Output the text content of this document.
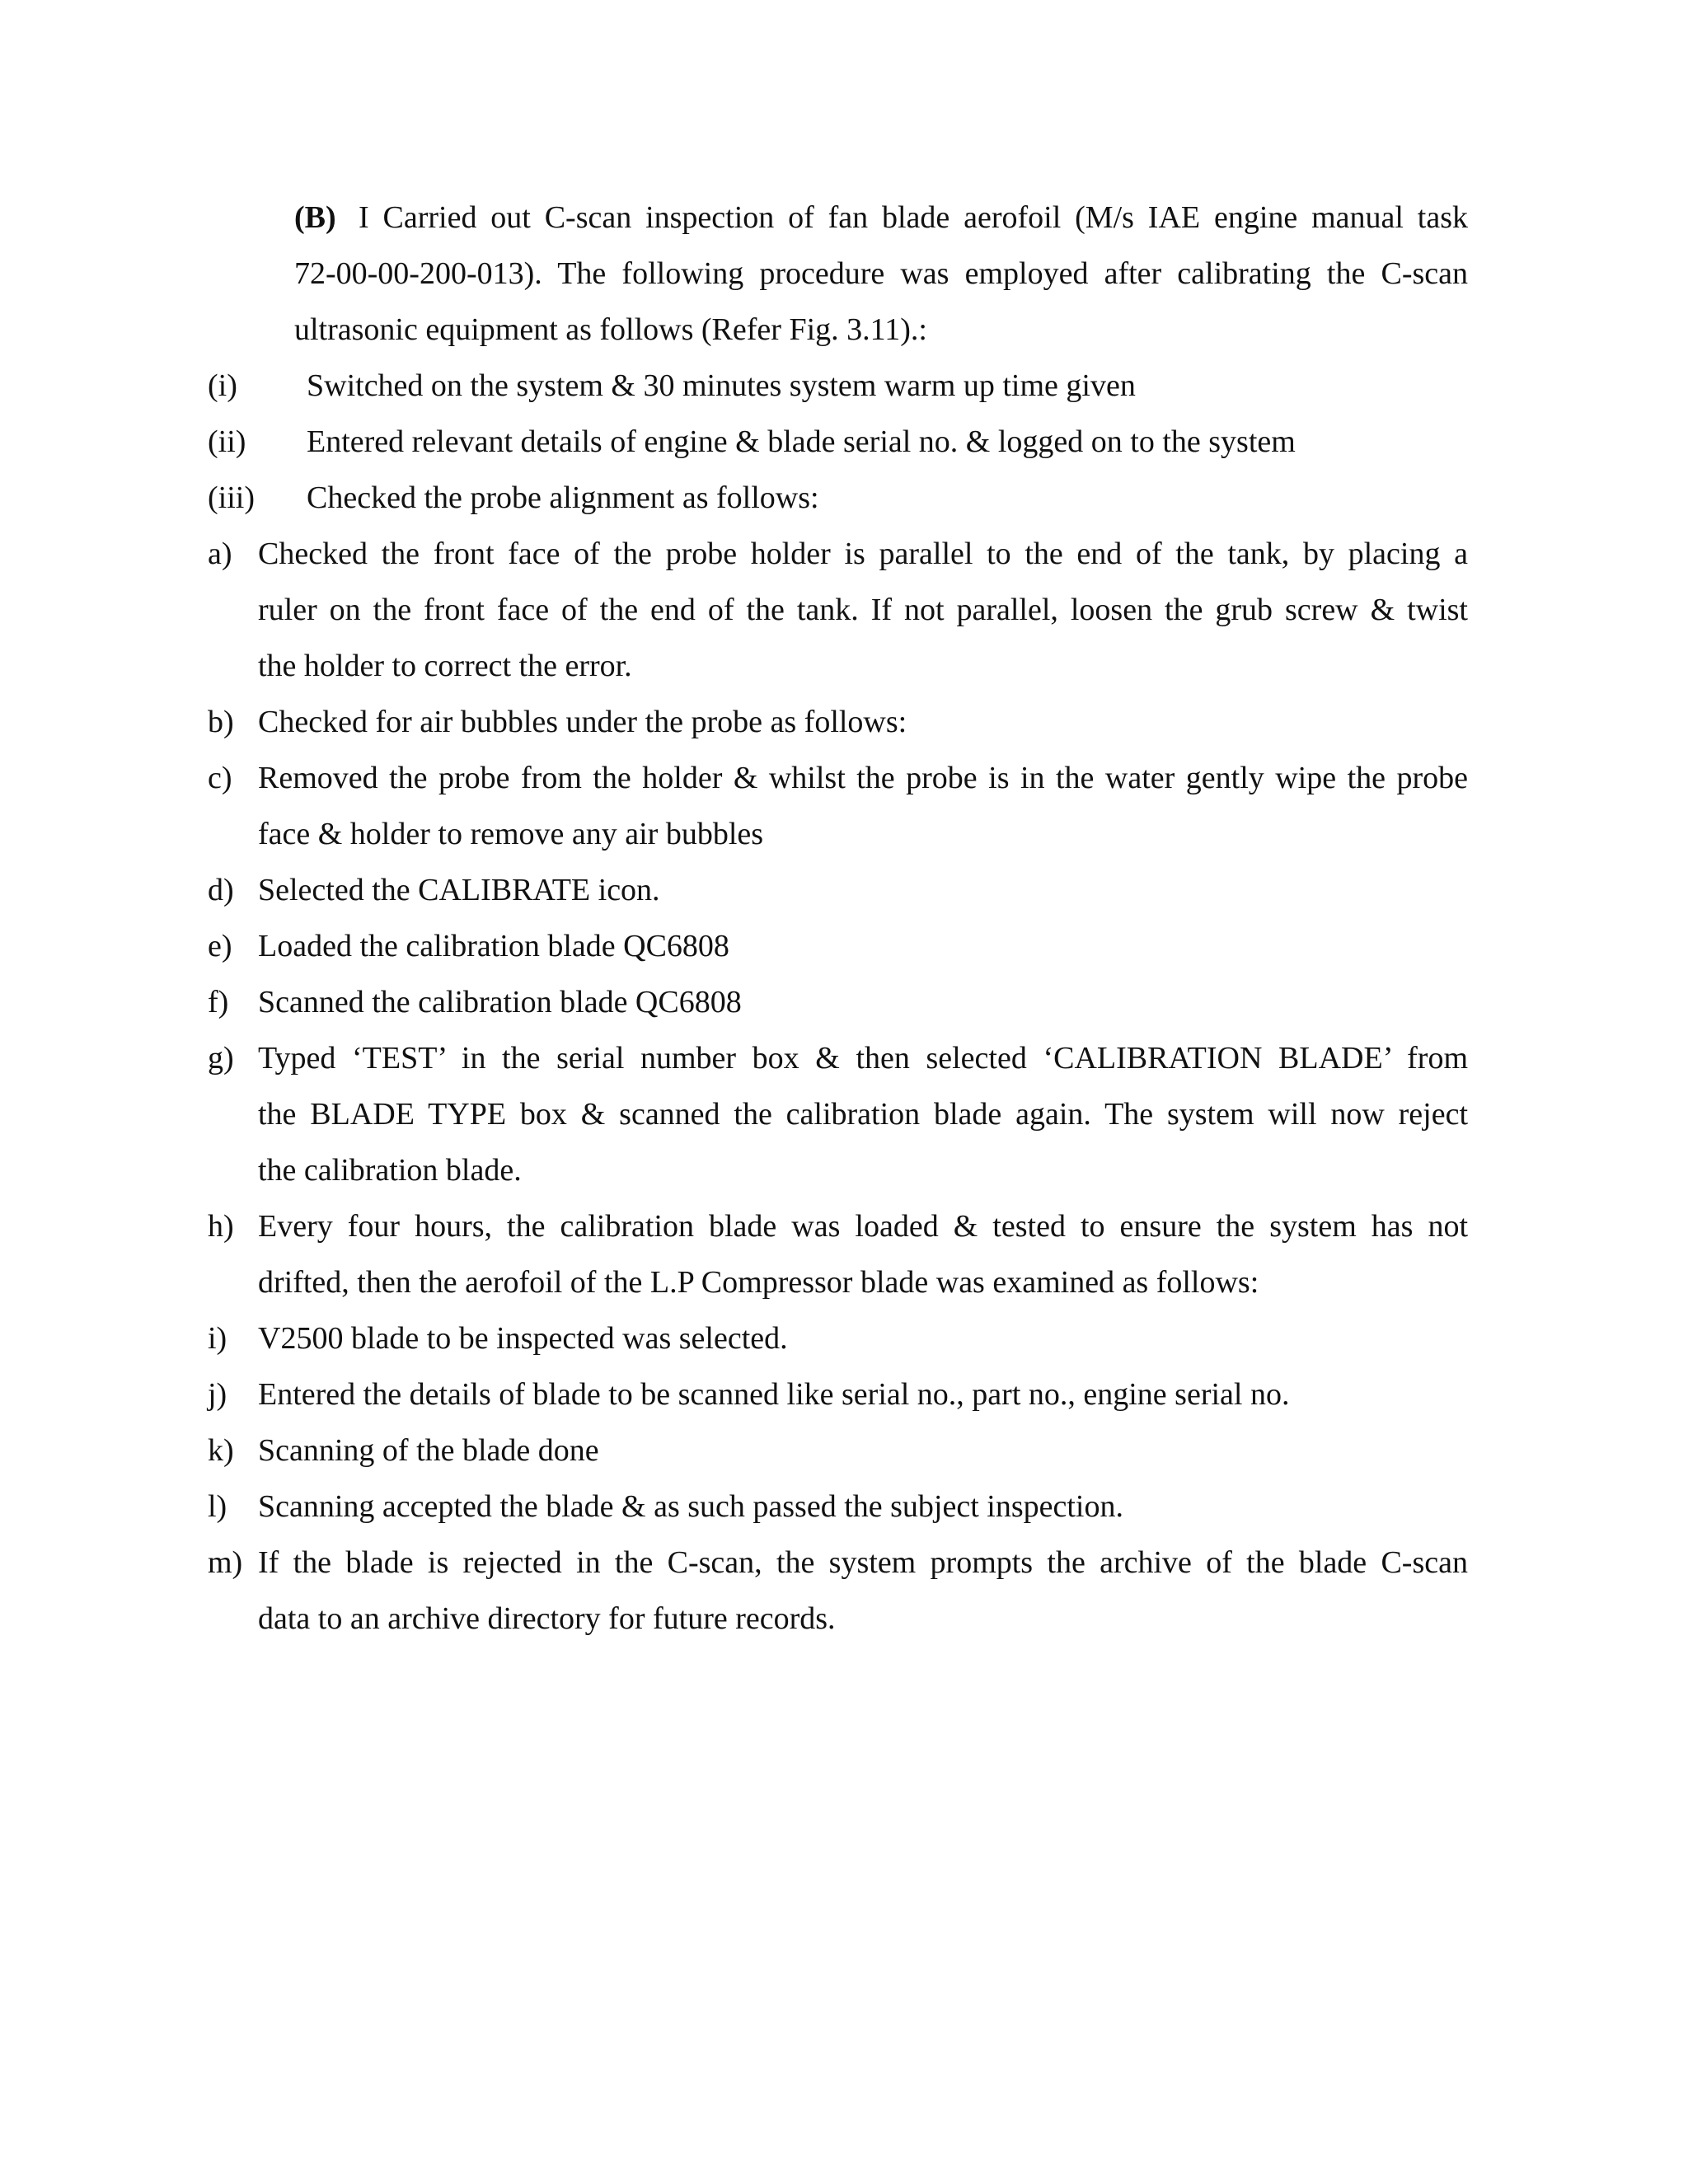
(B) I Carried out C-scan inspection of fan blade aerofoil (M/s IAE engine manual task
72-00-00-200-013). The following procedure was employed after calibrating the C-scan
ultrasonic equipment as follows (Refer Fig. 3.11).:
(i) Switched on the system & 30 minutes system warm up time given
(ii) Entered relevant details of engine & blade serial no. & logged on to the system
(iii) Checked the probe alignment as follows:
a) Checked the front face of the probe holder is parallel to the end of the tank, by placing a
ruler on the front face of the end of the tank. If not parallel, loosen the grub screw & twist
the holder to correct the error.
b) Checked for air bubbles under the probe as follows:
c) Removed the probe from the holder & whilst the probe is in the water gently wipe the probe
face & holder to remove any air bubbles
d) Selected the CALIBRATE icon.
e) Loaded the calibration blade QC6808
f) Scanned the calibration blade QC6808
g) Typed ‘TEST’ in the serial number box & then selected ‘CALIBRATION BLADE’ from
the BLADE TYPE box & scanned the calibration blade again. The system will now reject
the calibration blade.
h) Every four hours, the calibration blade was loaded & tested to ensure the system has not
drifted, then the aerofoil of the L.P Compressor blade was examined as follows:
i) V2500 blade to be inspected was selected.
j) Entered the details of blade to be scanned like serial no., part no., engine serial no.
k) Scanning of the blade done
l) Scanning accepted the blade & as such passed the subject inspection.
m) If the blade is rejected in the C-scan, the system prompts the archive of the blade C-scan
data to an archive directory for future records.
